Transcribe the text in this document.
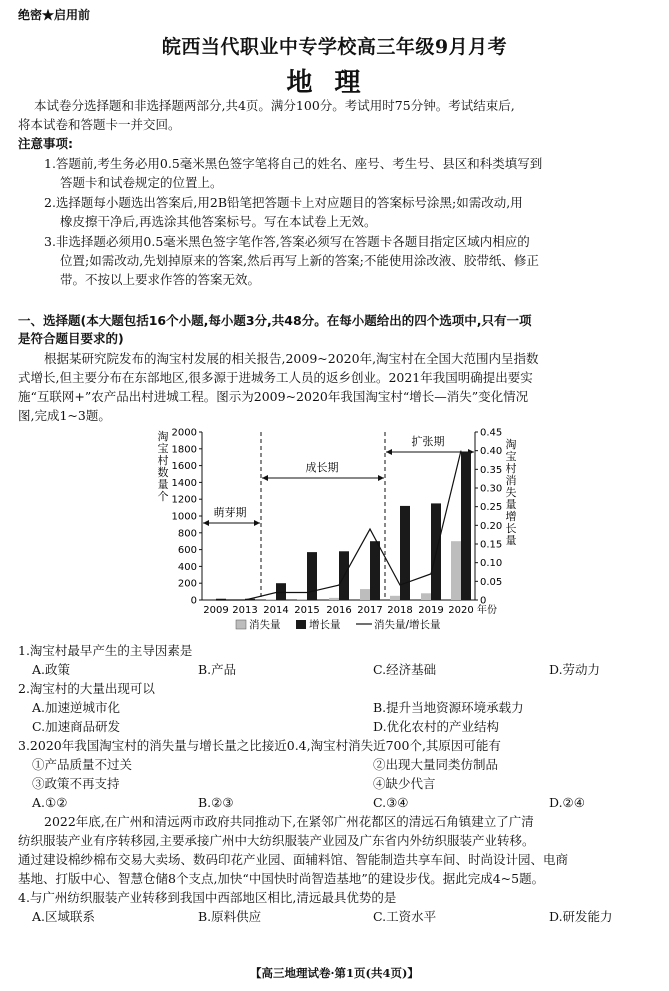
绝密★启用前
皖西当代职业中专学校高三年级9月月考
地理
本试卷分选择题和非选择题两部分,共4页。满分100分。考试用时75分钟。考试结束后,
将本试卷和答题卡一并交回。
注意事项:
1.答题前,考生务必用0.5毫米黑色签字笔将自己的姓名、座号、考生号、县区和科类填写到
答题卡和试卷规定的位置上。
2.选择题每小题选出答案后,用2B铅笔把答题卡上对应题目的答案标号涂黑;如需改动,用
橡皮擦干净后,再选涂其他答案标号。写在本试卷上无效。
3.非选择题必须用0.5毫米黑色签字笔作答,答案必须写在答题卡各题目指定区域内相应的
位置;如需改动,先划掉原来的答案,然后再写上新的答案;不能使用涂改液、胶带纸、修正
带。不按以上要求作答的答案无效。
一、选择题(本大题包括16个小题,每小题3分,共48分。在每小题给出的四个选项中,只有一项
是符合题目要求的)
根据某研究院发布的淘宝村发展的相关报告,2009~2020年,淘宝村在全国大范围内呈指数
式增长,但主要分布在东部地区,很多源于进城务工人员的返乡创业。2021年我国明确提出要实
施“互联网+”农产品出村进城工程。图示为2009~2020年我国淘宝村“增长—消失”变化情况
图,完成1~3题。
0
200
400
600
800
1000
1200
1400
1600
1800
2000
0
0.05
0.10
0.15
0.20
0.25
0.30
0.35
0.40
0.45
淘
宝
村
数
量
个
淘
宝
村
消
失
量
增
长
量
2009 2013 2014 2015 2016 2017 2018 2019 2020 年份
萌芽期
成长期
扩张期
消失量	增长量	消失量/增长量
1.淘宝村最早产生的主导因素是
A.政策	B.产品	C.经济基础	D.劳动力
2.淘宝村的大量出现可以
A.加速逆城市化	B.提升当地资源环境承载力
C.加速商品研发	D.优化农村的产业结构
3.2020年我国淘宝村的消失量与增长量之比接近0.4,淘宝村消失近700个,其原因可能有
①产品质量不过关	②出现大量同类仿制品
③政策不再支持	④缺少代言
A.①②	B.②③	C.③④	D.②④
2022年底,在广州和清远两市政府共同推动下,在紧邻广州花都区的清远石角镇建立了广清
纺织服装产业有序转移园,主要承接广州中大纺织服装产业园及广东省内外纺织服装产业转移。
通过建设棉纱棉布交易大卖场、数码印花产业园、面辅料馆、智能制造共享车间、时尚设计园、电商
基地、打版中心、智慧仓储8个支点,加快“中国快时尚智造基地”的建设步伐。据此完成4~5题。
4.与广州纺织服装产业转移到我国中西部地区相比,清远最具优势的是
A.区域联系	B.原料供应	C.工资水平	D.研发能力
【高三地理试卷·第1页(共4页)】
